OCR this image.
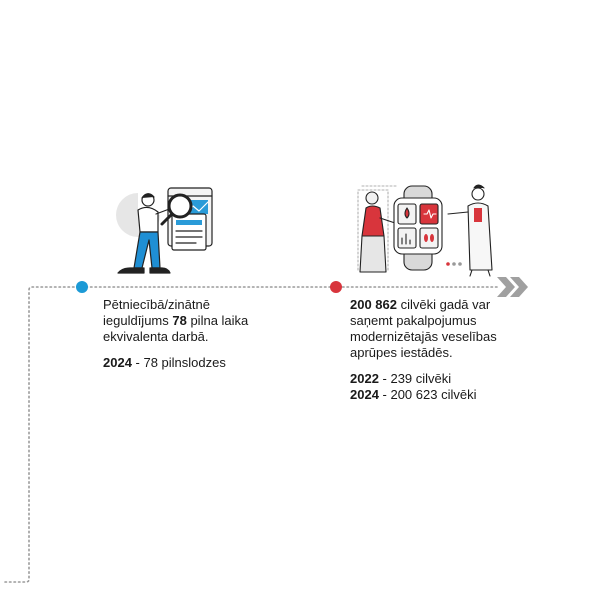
Pētniecībā/zinātnē ieguldījums 78 pilna laika ekvivalenta darbā.

2024 - 78 pilnslodzes

200 862 cilvēki gadā var saņemt pakalpojumus modernizētajās veselības aprūpes iestādēs.

2022 - 239 cilvēki

2024 - 200 623 cilvēki
